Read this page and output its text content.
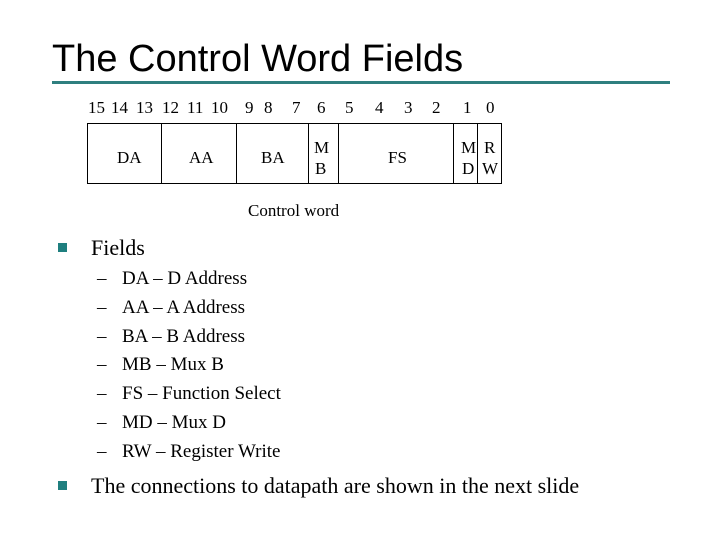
The Control Word Fields
15 14 13 12 11 10 9 8 7 6 5 4 3 2 1 0
DA	AA	BA
M
B
FS
M
D
R
W
Control word
Fields
– DA – D Address
– AA – A Address
– BA – B Address
– MB – Mux B
– FS – Function Select
– MD – Mux D
– RW – Register Write
The connections to datapath are shown in the next slide
